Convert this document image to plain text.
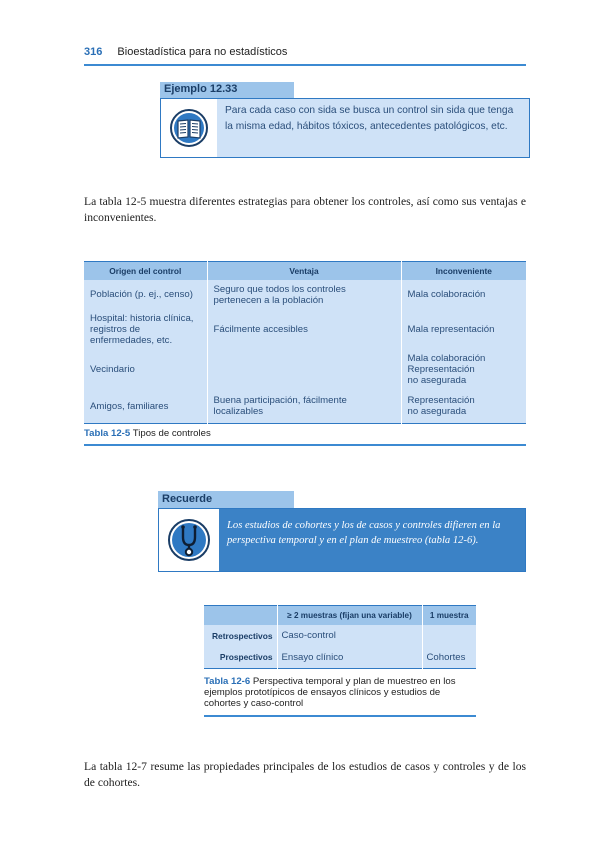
316 Bioestadística para no estadísticos
Ejemplo 12.33
Para cada caso con sida se busca un control sin sida que tenga la misma edad, hábitos tóxicos, antecedentes patológicos, etc.

La tabla 12-5 muestra diferentes estrategias para obtener los controles, así como sus ventajas e inconvenientes.

Origen del control	Ventaja	Inconveniente
Población (p. ej., censo)	Seguro que todos los controles pertenecen a la población	Mala colaboración
Hospital: historia clínica, registros de enfermedades, etc.	Fácilmente accesibles	Mala representación
Vecindario		Mala colaboración Representación no asegurada
Amigos, familiares	Buena participación, fácilmente localizables	Representación no asegurada
Tabla 12-5 Tipos de controles
Recuerde
Los estudios de cohortes y los de casos y controles difieren en la perspectiva temporal y en el plan de muestreo (tabla 12-6).
	≥ 2 muestras (fijan una variable)	1 muestra
Retrospectivos	Caso-control	
Prospectivos	Ensayo clínico	Cohortes
Tabla 12-6 Perspectiva temporal y plan de muestreo en los ejemplos prototípicos de ensayos clínicos y estudios de cohortes y caso-control

La tabla 12-7 resume las propiedades principales de los estudios de casos y controles y de los de cohortes.
